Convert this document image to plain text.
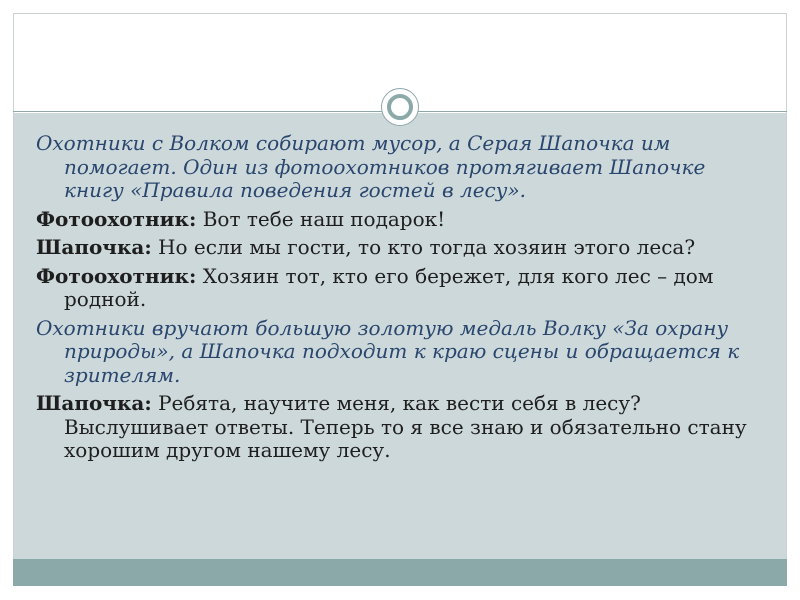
Охотники с Волком собирают мусор, а Серая Шапочка им помогает. Один из фотоохотников протягивает Шапочке книгу «Правила поведения гостей в лесу».

Фотоохотник: Вот тебе наш подарок!

Шапочка: Но если мы гости, то кто тогда хозяин этого леса?

Фотоохотник: Хозяин тот, кто его бережет, для кого лес – дом родной.

Охотники вручают большую золотую медаль Волку «За охрану природы», а Шапочка подходит к краю сцены и обращается к зрителям.

Шапочка: Ребята, научите меня, как вести себя в лесу? Выслушивает ответы. Теперь то я все знаю и обязательно стану хорошим другом нашему лесу.
